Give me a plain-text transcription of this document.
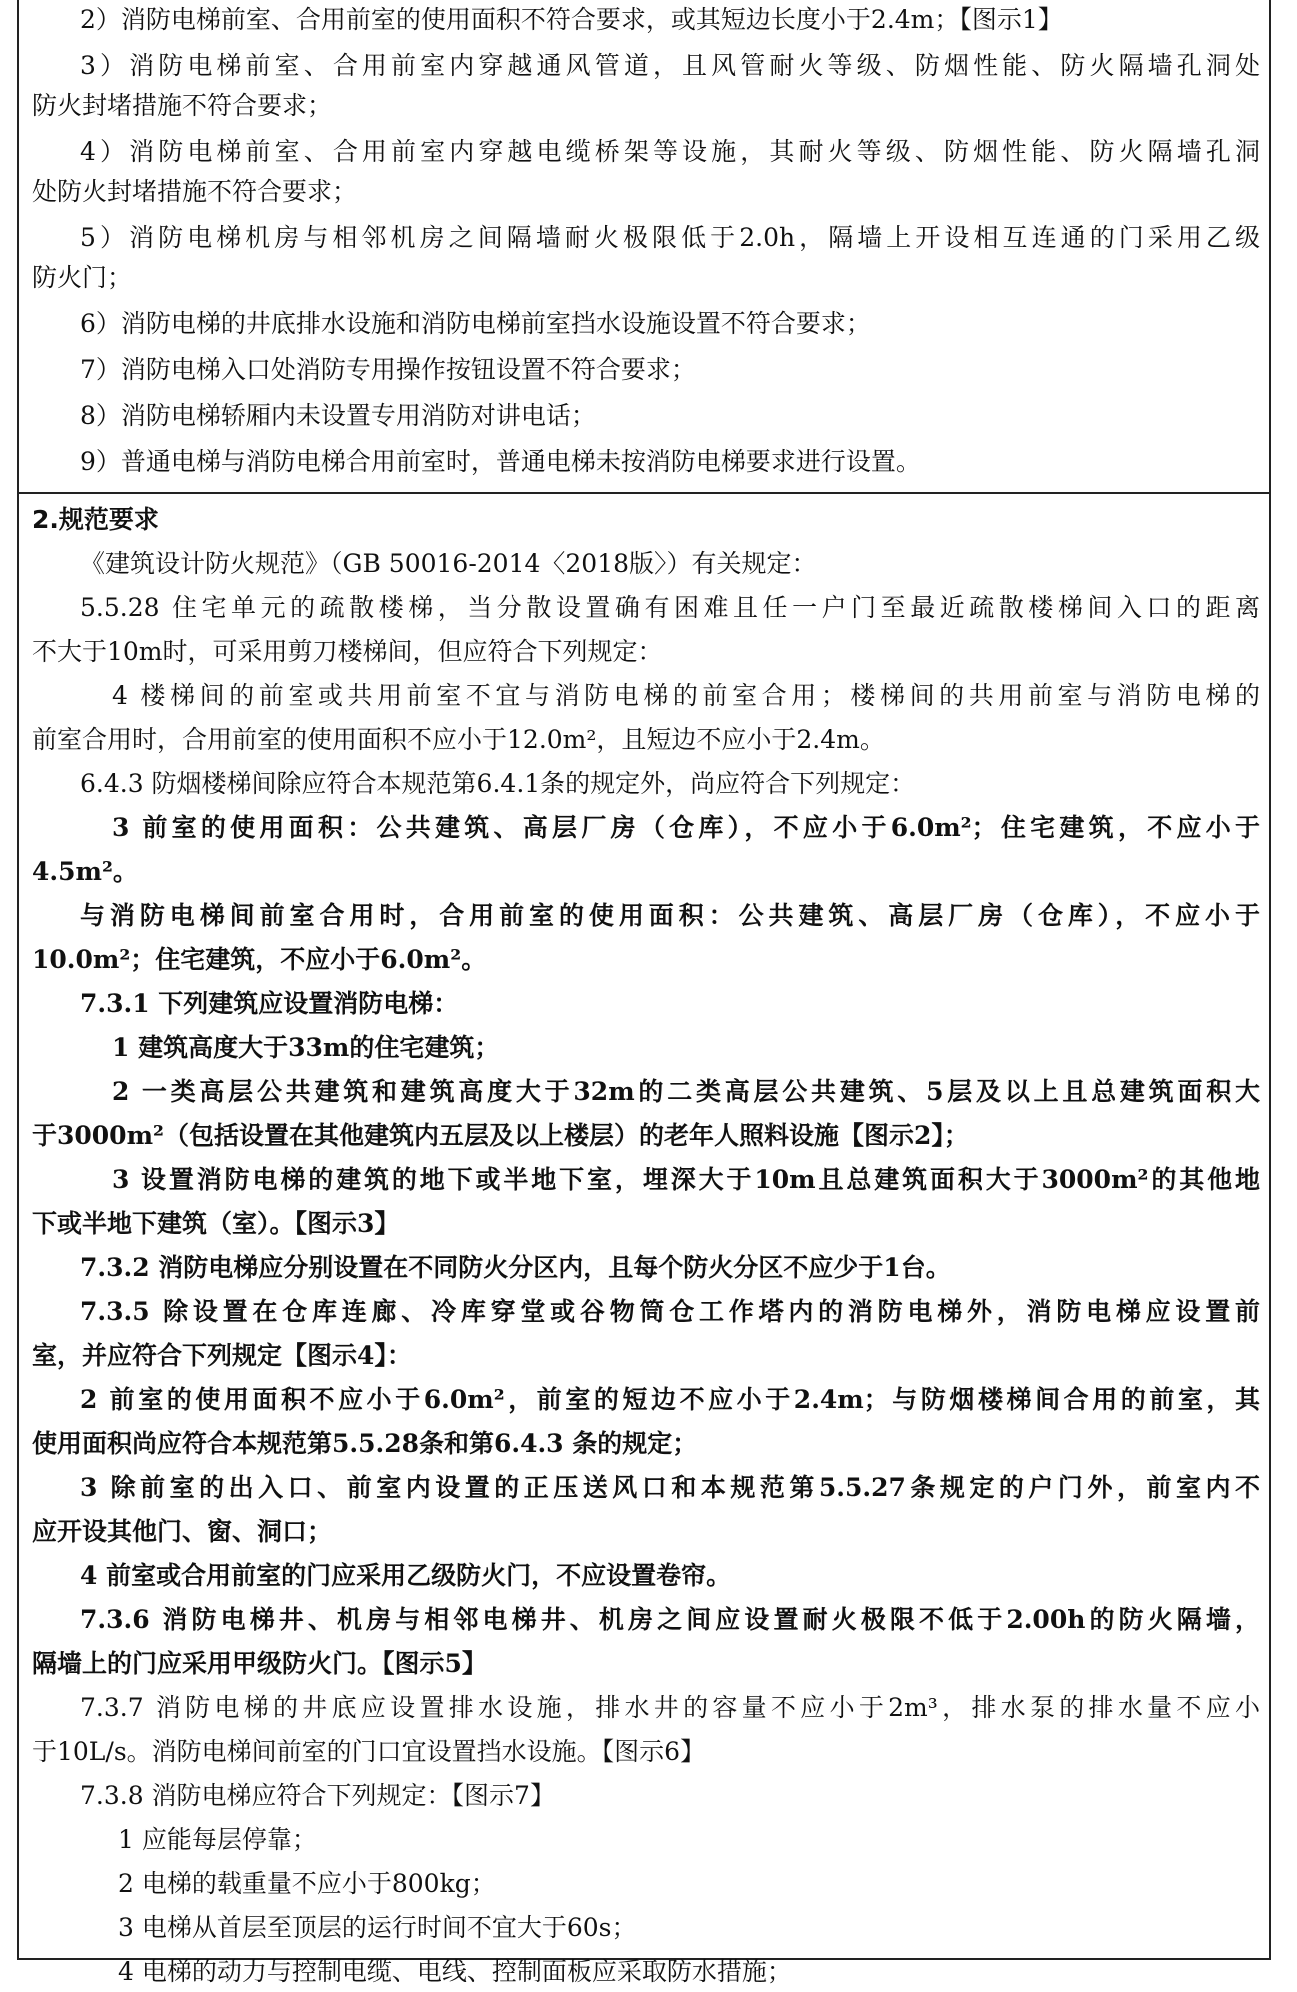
2）消防电梯前室、合用前室的使用面积不符合要求，或其短边长度小于2.4m；【图示1】
3）消防电梯前室、合用前室内穿越通风管道，且风管耐火等级、防烟性能、防火隔墙孔洞处
防火封堵措施不符合要求；
4）消防电梯前室、合用前室内穿越电缆桥架等设施，其耐火等级、防烟性能、防火隔墙孔洞
处防火封堵措施不符合要求；
5）消防电梯机房与相邻机房之间隔墙耐火极限低于2.0h，隔墙上开设相互连通的门采用乙级
防火门；
6）消防电梯的井底排水设施和消防电梯前室挡水设施设置不符合要求；
7）消防电梯入口处消防专用操作按钮设置不符合要求；
8）消防电梯轿厢内未设置专用消防对讲电话；
9）普通电梯与消防电梯合用前室时，普通电梯未按消防电梯要求进行设置。
2.规范要求
《建筑设计防火规范》（GB 50016-2014〈2018版〉）有关规定：
5.5.28 住宅单元的疏散楼梯，当分散设置确有困难且任一户门至最近疏散楼梯间入口的距离
不大于10m时，可采用剪刀楼梯间，但应符合下列规定：
4 楼梯间的前室或共用前室不宜与消防电梯的前室合用；楼梯间的共用前室与消防电梯的
前室合用时，合用前室的使用面积不应小于12.0m²，且短边不应小于2.4m。
6.4.3 防烟楼梯间除应符合本规范第6.4.1条的规定外，尚应符合下列规定：
3 前室的使用面积：公共建筑、高层厂房（仓库），不应小于6.0m²；住宅建筑，不应小于
4.5m²。
与消防电梯间前室合用时，合用前室的使用面积：公共建筑、高层厂房（仓库），不应小于
10.0m²；住宅建筑，不应小于6.0m²。
7.3.1 下列建筑应设置消防电梯：
1 建筑高度大于33m的住宅建筑；
2 一类高层公共建筑和建筑高度大于32m的二类高层公共建筑、5层及以上且总建筑面积大
于3000m²（包括设置在其他建筑内五层及以上楼层）的老年人照料设施【图示2】；
3 设置消防电梯的建筑的地下或半地下室，埋深大于10m且总建筑面积大于3000m²的其他地
下或半地下建筑（室）。【图示3】
7.3.2 消防电梯应分别设置在不同防火分区内，且每个防火分区不应少于1台。
7.3.5 除设置在仓库连廊、冷库穿堂或谷物筒仓工作塔内的消防电梯外，消防电梯应设置前
室，并应符合下列规定【图示4】：
2 前室的使用面积不应小于6.0m²，前室的短边不应小于2.4m；与防烟楼梯间合用的前室，其
使用面积尚应符合本规范第5.5.28条和第6.4.3 条的规定；
3 除前室的出入口、前室内设置的正压送风口和本规范第5.5.27条规定的户门外，前室内不
应开设其他门、窗、洞口；
4 前室或合用前室的门应采用乙级防火门，不应设置卷帘。
7.3.6 消防电梯井、机房与相邻电梯井、机房之间应设置耐火极限不低于2.00h的防火隔墙，
隔墙上的门应采用甲级防火门。【图示5】
7.3.7 消防电梯的井底应设置排水设施，排水井的容量不应小于2m³，排水泵的排水量不应小
于10L/s。消防电梯间前室的门口宜设置挡水设施。【图示6】
7.3.8 消防电梯应符合下列规定：【图示7】
1 应能每层停靠；
2 电梯的载重量不应小于800kg；
3 电梯从首层至顶层的运行时间不宜大于60s；
4 电梯的动力与控制电缆、电线、控制面板应采取防水措施；
